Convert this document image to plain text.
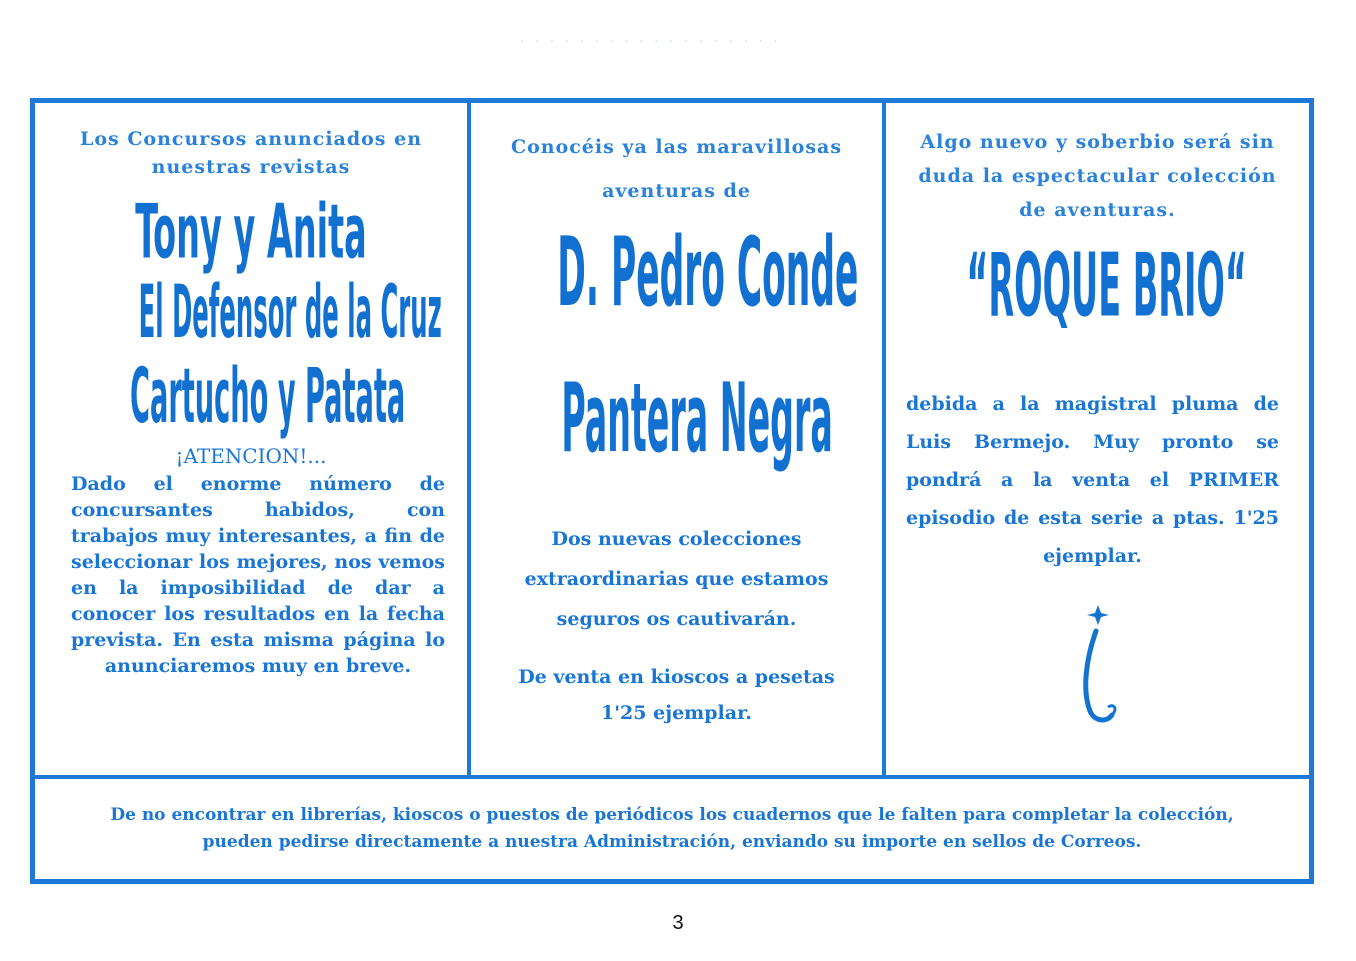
· · · · · · · · · · · · · · · · · ·
Los Concursos anunciados en nuestras revistas
Tony y Anita
El Defensor de la Cruz
Cartucho y Patata
¡ATENCION!...
Dado el enorme número de concursantes habidos, con trabajos muy interesantes, a fin de seleccionar los mejores, nos vemos en la imposibilidad de dar a conocer los resultados en la fecha prevista. En esta misma página lo anunciaremos muy en breve.
Conocéis ya las maravillosas aventuras de
D. Pedro Conde
Pantera Negra
Dos nuevas colecciones extraordinarias que estamos seguros os cautivarán.
De venta en kioscos a pesetas 1'25 ejemplar.
Algo nuevo y soberbio será sin duda la espectacular colección de aventuras.
“ROQUE BRIO“
debida a la magistral pluma de Luis Bermejo. Muy pronto se pondrá a la venta el PRIMER episodio de esta serie a ptas. 1'25 ejemplar.
De no encontrar en librerías, kioscos o puestos de periódicos los cuadernos que le falten para completar la colección, pueden pedirse directamente a nuestra Administración, enviando su importe en sellos de Correos.
3
